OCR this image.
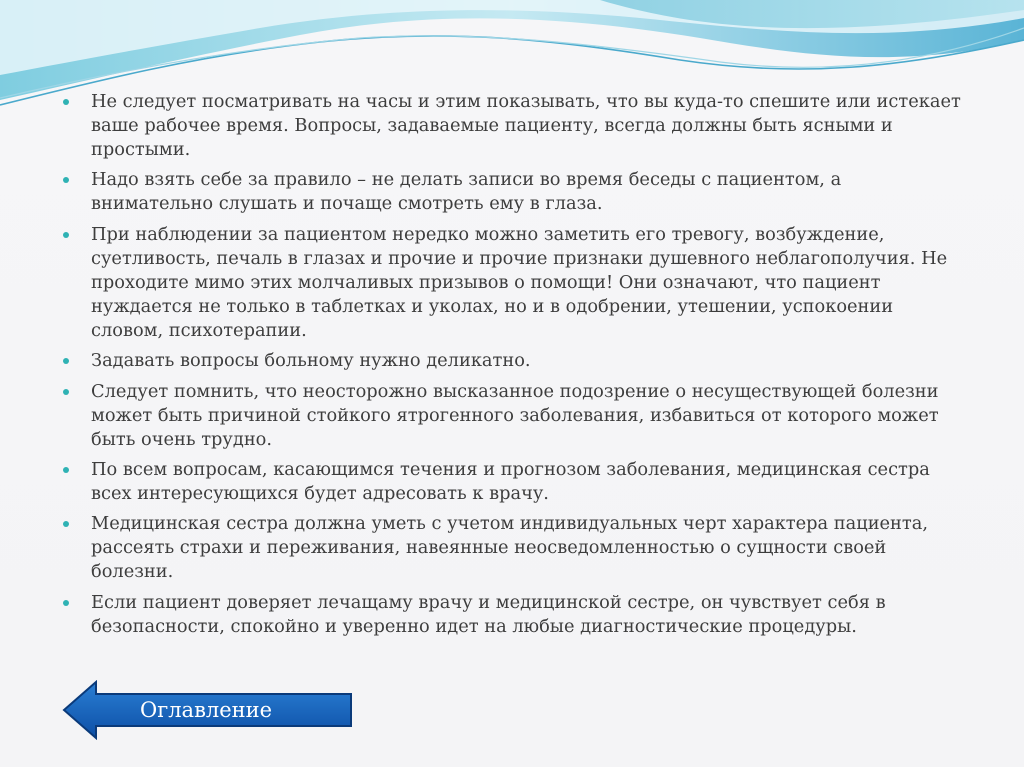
Не следует посматривать на часы и этим показывать, что вы куда-то спешите или истекает ваше рабочее время. Вопросы, задаваемые пациенту, всегда должны быть ясными и простыми.
Надо взять себе за правило – не делать записи во время беседы с пациентом, а внимательно слушать и почаще смотреть ему в глаза.
При наблюдении за пациентом нередко можно заметить его тревогу, возбуждение, суетливость, печаль в глазах и прочие и прочие признаки душевного неблагополучия. Не проходите мимо этих молчаливых призывов о помощи! Они означают, что пациент нуждается не только в таблетках и уколах, но и в одобрении, утешении, успокоении словом, психотерапии.
Задавать вопросы больному нужно деликатно.
Следует помнить, что неосторожно высказанное подозрение о несуществующей болезни может быть причиной стойкого ятрогенного заболевания, избавиться от которого может быть очень трудно.
По всем вопросам, касающимся течения и прогнозом заболевания, медицинская сестра всех интересующихся будет адресовать к врачу.
Медицинская сестра должна уметь с учетом индивидуальных черт характера пациента, рассеять страхи и переживания, навеянные неосведомленностью о сущности своей болезни.
Если пациент доверяет лечащаму врачу и медицинской сестре, он чувствует себя в безопасности, спокойно и уверенно идет на любые диагностические процедуры.
Оглавление
